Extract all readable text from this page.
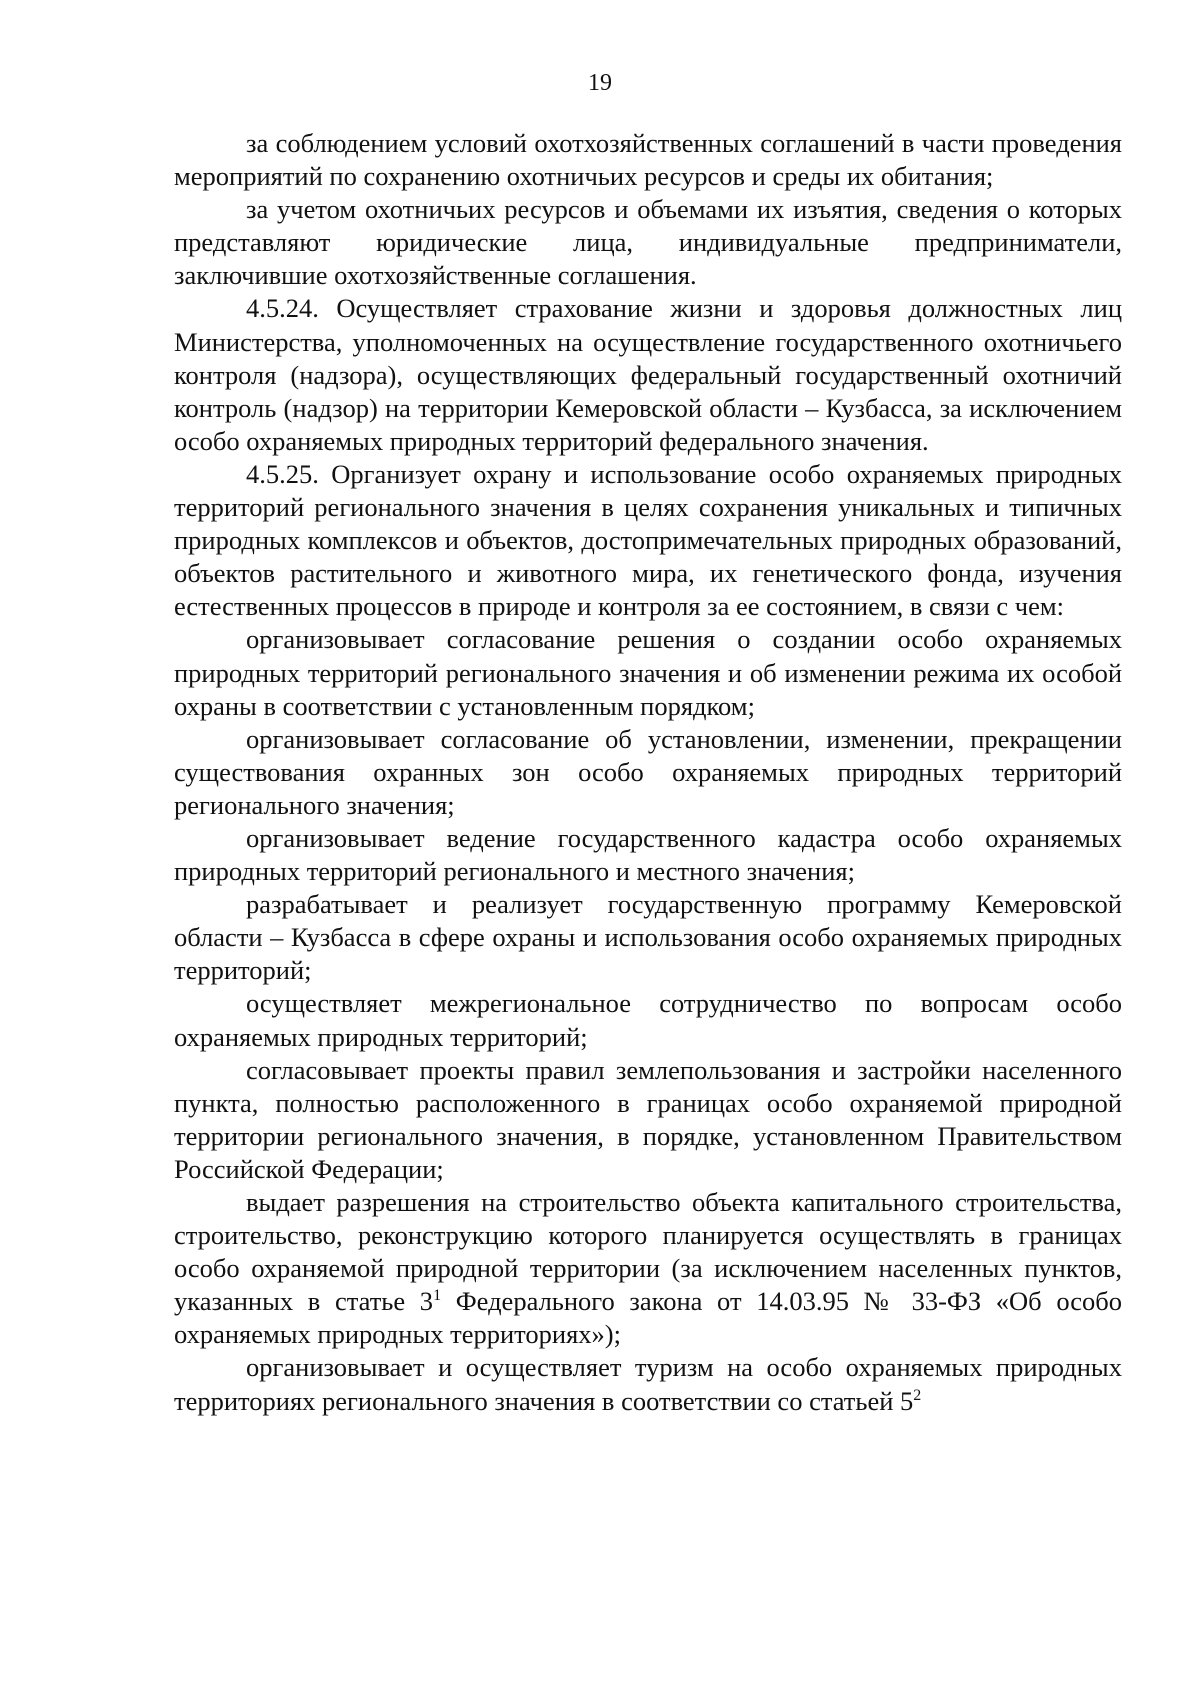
19

за соблюдением условий охотхозяйственных соглашений в части проведения мероприятий по сохранению охотничьих ресурсов и среды их обитания;

за учетом охотничьих ресурсов и объемами их изъятия, сведения о которых представляют юридические лица, индивидуальные предприниматели, заключившие охотхозяйственные соглашения.

4.5.24. Осуществляет страхование жизни и здоровья должностных лиц Министерства, уполномоченных на осуществление государственного охотничьего контроля (надзора), осуществляющих федеральный государственный охотничий контроль (надзор) на территории Кемеровской области – Кузбасса, за исключением особо охраняемых природных территорий федерального значения.

4.5.25. Организует охрану и использование особо охраняемых природных территорий регионального значения в целях сохранения уникальных и типичных природных комплексов и объектов, достопримечательных природных образований, объектов растительного и животного мира, их генетического фонда, изучения естественных процессов в природе и контроля за ее состоянием, в связи с чем:

организовывает согласование решения о создании особо охраняемых природных территорий регионального значения и об изменении режима их особой охраны в соответствии с установленным порядком;

организовывает согласование об установлении, изменении, прекращении существования охранных зон особо охраняемых природных территорий регионального значения;

организовывает ведение государственного кадастра особо охраняемых природных территорий регионального и местного значения;

разрабатывает и реализует государственную программу Кемеровской области – Кузбасса в сфере охраны и использования особо охраняемых природных территорий;

осуществляет межрегиональное сотрудничество по вопросам особо охраняемых природных территорий;

согласовывает проекты правил землепользования и застройки населенного пункта, полностью расположенного в границах особо охраняемой природной территории регионального значения, в порядке, установленном Правительством Российской Федерации;

выдает разрешения на строительство объекта капитального строительства, строительство, реконструкцию которого планируется осуществлять в границах особо охраняемой природной территории (за исключением населенных пунктов, указанных в статье $3^1$ Федерального закона от 14.03.95 № 33-ФЗ «Об особо охраняемых природных территориях»);

организовывает и осуществляет туризм на особо охраняемых природных территориях регионального значения в соответствии со статьей $5^2$
